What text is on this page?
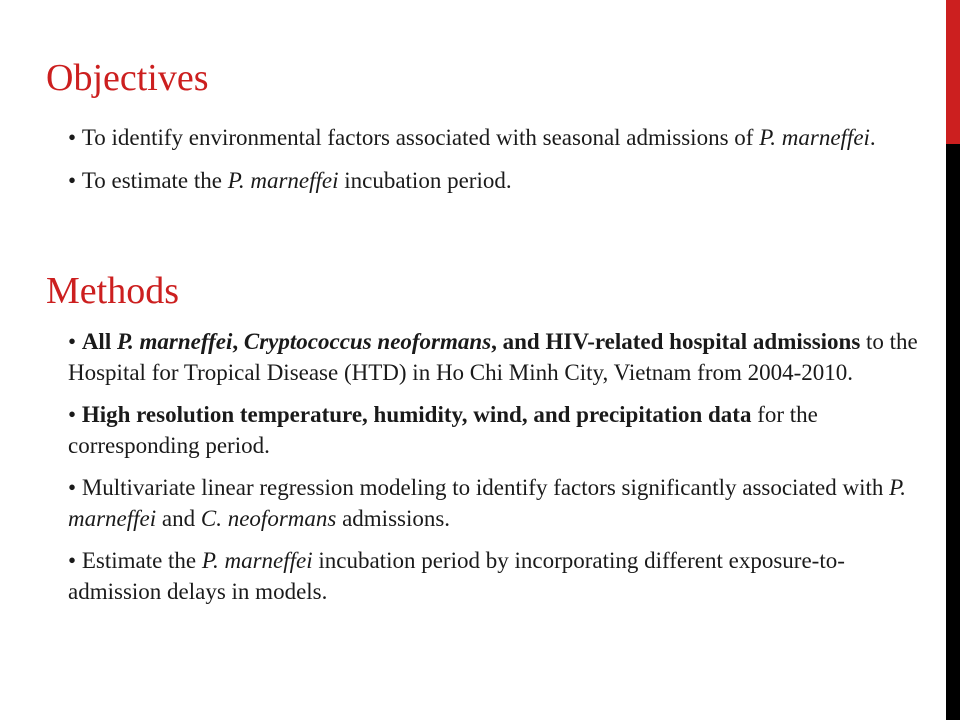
Objectives
• To identify environmental factors associated with seasonal admissions of P. marneffei.
• To estimate the P. marneffei incubation period.
Methods
• All P. marneffei, Cryptococcus neoformans, and HIV-related hospital admissions to the Hospital for Tropical Disease (HTD) in Ho Chi Minh City, Vietnam from 2004-2010.
• High resolution temperature, humidity, wind, and precipitation data for the corresponding period.
• Multivariate linear regression modeling to identify factors significantly associated with P. marneffei and C. neoformans admissions.
• Estimate the P. marneffei incubation period by incorporating different exposure-to-admission delays in models.
